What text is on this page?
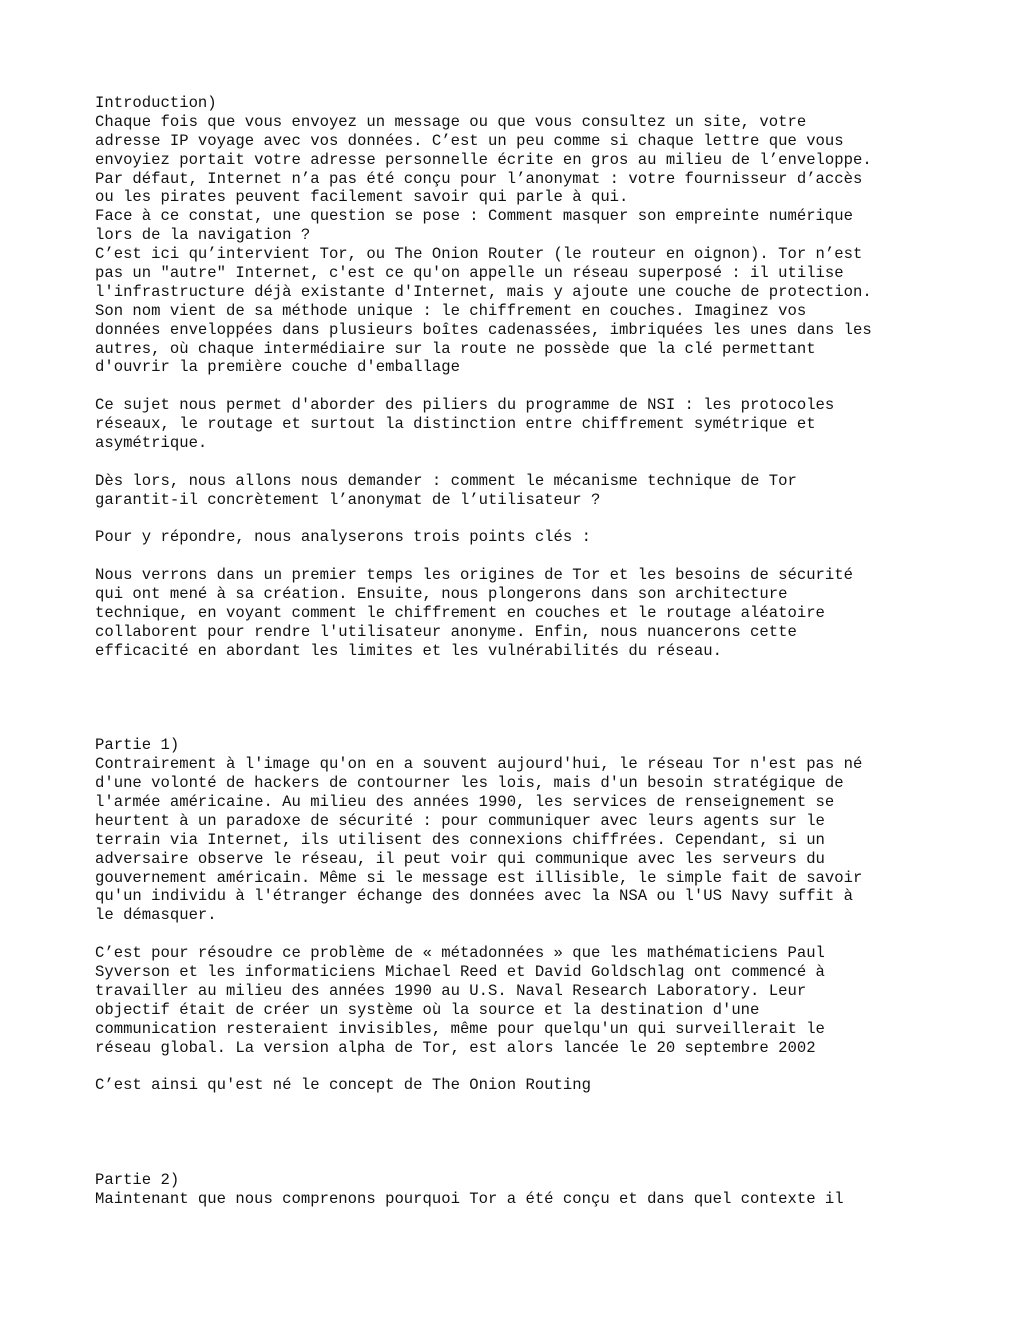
Introduction)
Chaque fois que vous envoyez un message ou que vous consultez un site, votre
adresse IP voyage avec vos données. C’est un peu comme si chaque lettre que vous
envoyiez portait votre adresse personnelle écrite en gros au milieu de l’enveloppe.
Par défaut, Internet n’a pas été conçu pour l’anonymat : votre fournisseur d’accès
ou les pirates peuvent facilement savoir qui parle à qui.
Face à ce constat, une question se pose : Comment masquer son empreinte numérique
lors de la navigation ?
C’est ici qu’intervient Tor, ou The Onion Router (le routeur en oignon). Tor n’est
pas un "autre" Internet, c'est ce qu'on appelle un réseau superposé : il utilise
l'infrastructure déjà existante d'Internet, mais y ajoute une couche de protection.
Son nom vient de sa méthode unique : le chiffrement en couches. Imaginez vos
données enveloppées dans plusieurs boîtes cadenassées, imbriquées les unes dans les
autres, où chaque intermédiaire sur la route ne possède que la clé permettant
d'ouvrir la première couche d'emballage
Ce sujet nous permet d'aborder des piliers du programme de NSI : les protocoles
réseaux, le routage et surtout la distinction entre chiffrement symétrique et
asymétrique.
Dès lors, nous allons nous demander : comment le mécanisme technique de Tor
garantit-il concrètement l’anonymat de l’utilisateur ?
Pour y répondre, nous analyserons trois points clés :
Nous verrons dans un premier temps les origines de Tor et les besoins de sécurité
qui ont mené à sa création. Ensuite, nous plongerons dans son architecture
technique, en voyant comment le chiffrement en couches et le routage aléatoire
collaborent pour rendre l'utilisateur anonyme. Enfin, nous nuancerons cette
efficacité en abordant les limites et les vulnérabilités du réseau.
Partie 1)
Contrairement à l'image qu'on en a souvent aujourd'hui, le réseau Tor n'est pas né
d'une volonté de hackers de contourner les lois, mais d'un besoin stratégique de
l'armée américaine. Au milieu des années 1990, les services de renseignement se
heurtent à un paradoxe de sécurité : pour communiquer avec leurs agents sur le
terrain via Internet, ils utilisent des connexions chiffrées. Cependant, si un
adversaire observe le réseau, il peut voir qui communique avec les serveurs du
gouvernement américain. Même si le message est illisible, le simple fait de savoir
qu'un individu à l'étranger échange des données avec la NSA ou l'US Navy suffit à
le démasquer.
C’est pour résoudre ce problème de « métadonnées » que les mathématiciens Paul
Syverson et les informaticiens Michael Reed et David Goldschlag ont commencé à
travailler au milieu des années 1990 au U.S. Naval Research Laboratory. Leur
objectif était de créer un système où la source et la destination d'une
communication resteraient invisibles, même pour quelqu'un qui surveillerait le
réseau global. La version alpha de Tor, est alors lancée le 20 septembre 2002
C’est ainsi qu'est né le concept de The Onion Routing
Partie 2)
Maintenant que nous comprenons pourquoi Tor a été conçu et dans quel contexte il
